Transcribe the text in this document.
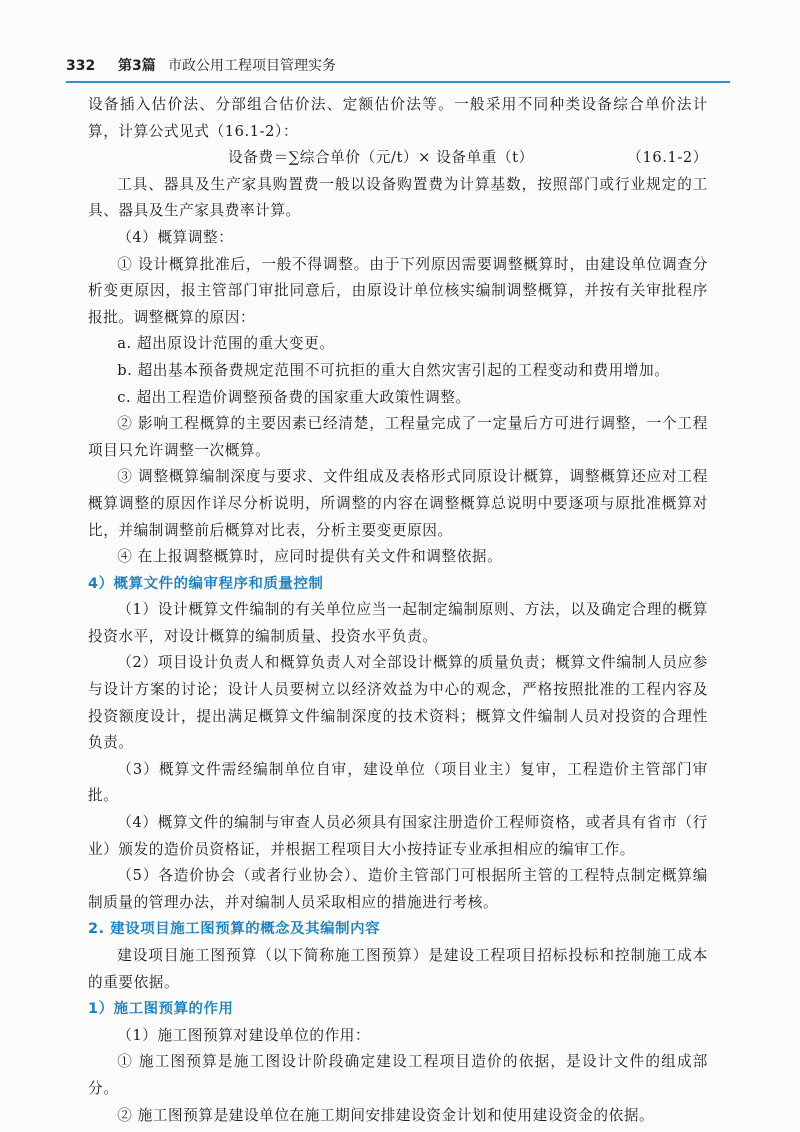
332 第3篇 市政公用工程项目管理实务

设备插入估价法、分部组合估价法、定额估价法等。一般采用不同种类设备综合单价法计算，计算公式见式（16.1-2）：

设备费＝∑综合单价（元/t）× 设备单重（t）	（16.1-2）

工具、器具及生产家具购置费一般以设备购置费为计算基数，按照部门或行业规定的工具、器具及生产家具费率计算。

（4）概算调整：

① 设计概算批准后，一般不得调整。由于下列原因需要调整概算时，由建设单位调查分析变更原因，报主管部门审批同意后，由原设计单位核实编制调整概算，并按有关审批程序报批。调整概算的原因：

a. 超出原设计范围的重大变更。

b. 超出基本预备费规定范围不可抗拒的重大自然灾害引起的工程变动和费用增加。

c. 超出工程造价调整预备费的国家重大政策性调整。

② 影响工程概算的主要因素已经清楚，工程量完成了一定量后方可进行调整，一个工程项目只允许调整一次概算。

③ 调整概算编制深度与要求、文件组成及表格形式同原设计概算，调整概算还应对工程概算调整的原因作详尽分析说明，所调整的内容在调整概算总说明中要逐项与原批准概算对比，并编制调整前后概算对比表，分析主要变更原因。

④ 在上报调整概算时，应同时提供有关文件和调整依据。

4）概算文件的编审程序和质量控制

（1）设计概算文件编制的有关单位应当一起制定编制原则、方法，以及确定合理的概算投资水平，对设计概算的编制质量、投资水平负责。

（2）项目设计负责人和概算负责人对全部设计概算的质量负责；概算文件编制人员应参与设计方案的讨论；设计人员要树立以经济效益为中心的观念，严格按照批准的工程内容及投资额度设计，提出满足概算文件编制深度的技术资料；概算文件编制人员对投资的合理性负责。

（3）概算文件需经编制单位自审，建设单位（项目业主）复审，工程造价主管部门审批。

（4）概算文件的编制与审查人员必须具有国家注册造价工程师资格，或者具有省市（行业）颁发的造价员资格证，并根据工程项目大小按持证专业承担相应的编审工作。

（5）各造价协会（或者行业协会）、造价主管部门可根据所主管的工程特点制定概算编制质量的管理办法，并对编制人员采取相应的措施进行考核。

2. 建设项目施工图预算的概念及其编制内容

建设项目施工图预算（以下简称施工图预算）是建设工程项目招标投标和控制施工成本的重要依据。

1）施工图预算的作用

（1）施工图预算对建设单位的作用：

① 施工图预算是施工图设计阶段确定建设工程项目造价的依据，是设计文件的组成部分。

② 施工图预算是建设单位在施工期间安排建设资金计划和使用建设资金的依据。
